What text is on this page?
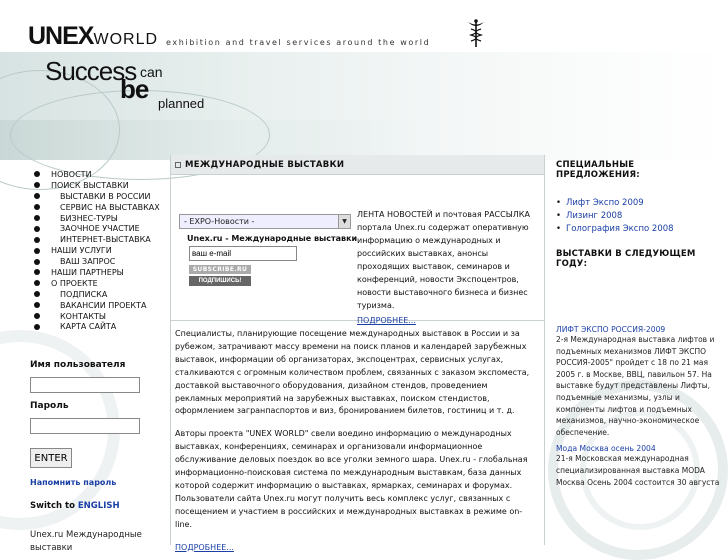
UNEXWORLD exhibition and travel services around the world
Success can
be planned
НОВОСТИ
ПОИСК ВЫСТАВКИ
ВЫСТАВКИ В РОССИИ
СЕРВИС НА ВЫСТАВКАХ
БИЗНЕС-ТУРЫ
ЗАОЧНОЕ УЧАСТИЕ
ИНТЕРНЕТ-ВЫСТАВКА
НАШИ УСЛУГИ
ВАШ ЗАПРОС
НАШИ ПАРТНЕРЫ
О ПРОЕКТЕ
ПОДПИСКА
ВАКАНСИИ ПРОЕКТА
КОНТАКТЫ
КАРТА САЙТА
Имя пользователя
Пароль
ENTER
Напомнить пароль
Switch to ENGLISH
Unex.ru Международные выставки
МЕЖДУНАРОДНЫЕ ВЫСТАВКИ
- EXPO-Новости -	▼
Unex.ru - Международные выставки
ваш e-mail
SUBSCRIBE.RU
ПОДПИШИСЬ!
ЛЕНТА НОВОСТЕЙ и почтовая РАССЫЛКА портала Unex.ru содержат оперативную информацию о международных и российских выставках, анонсы проходящих выставок, семинаров и конференций, новости Экспоцентров, новости выставочного бизнеса и бизнес туризма.
ПОДРОБНЕЕ...

Специалисты, планирующие посещение международных выставок в России и за рубежом, затрачивают массу времени на поиск планов и календарей зарубежных выставок, информации об организаторах, экспоцентрах, сервисных услугах, сталкиваются с огромным количеством проблем, связанных с заказом экспоместа, доставкой выставочного оборудования, дизайном стендов, проведением рекламных мероприятий на зарубежных выставках, поиском стендистов, оформлением загранпаспортов и виз, бронированием билетов, гостиниц и т. д.

Авторы проекта "UNEX WORLD" свели воедино информацию о международных выставках, конференциях, семинарах и организовали информационное обслуживание деловых поездок во все уголки земного шара. Unex.ru - глобальная информационно-поисковая система по международным выставкам, база данных которой содержит информацию о выставках, ярмарках, семинарах и форумах. Пользователи сайта Unex.ru могут получить весь комплекс услуг, связанных с посещением и участием в российских и международных выставках в режиме on-line.

ПОДРОБНЕЕ...
СПЕЦИАЛЬНЫЕ ПРЕДЛОЖЕНИЯ:
• Лифт Экспо 2009
• Лизинг 2008
• Голография Экспо 2008
ВЫСТАВКИ В СЛЕДУЮЩЕМ ГОДУ:
ЛИФТ ЭКСПО РОССИЯ-2009
2-я Международная выставка лифтов и подъемных механизмов ЛИФТ ЭКСПО РОССИЯ-2005" пройдет с 18 по 21 мая 2005 г. в Москве, ВВЦ, павильон 57. На выставке будут представлены Лифты, подъемные механизмы, узлы и компоненты лифтов и подъемных механизмов, научно-экономическое обеспечение.
Мода Москва осень 2004
21-я Московская международная специализированная выставка MODA Москва Осень 2004 состоится 30 августа
